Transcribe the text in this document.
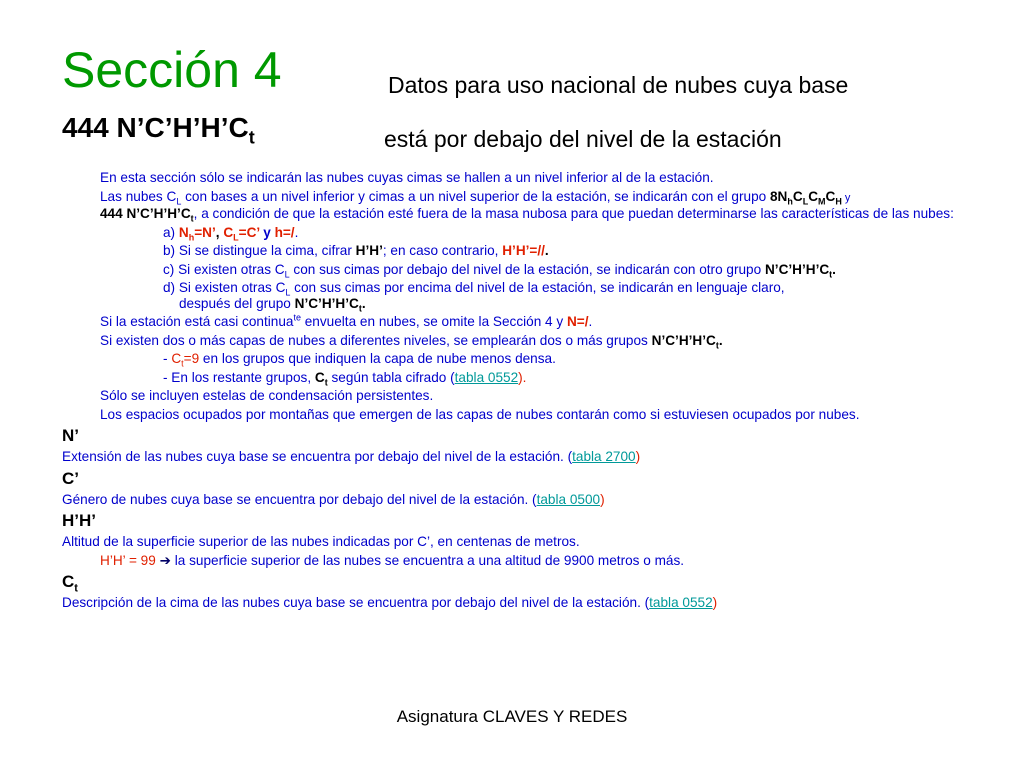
Sección 4	Datos para uso nacional de nubes cuya base
444 $N’C’H’H’C_t$	está por debajo del nivel de la estación
En esta sección sólo se indicarán las nubes cuyas cimas se hallen a un nivel inferior al de la estación.
Las nubes $C_L$ con bases a un nivel inferior y cimas a un nivel superior de la estación, se indicarán con el grupo $8N_hC_LC_MC_H$ y
444 $N’C’H’H’C_t$, a condición de que la estación esté fuera de la masa nubosa para que puedan determinarse las características de las nubes:
a) $N_h=N$’, $C_L=C$’ y h=/.
b) Si se distingue la cima, cifrar H’H’; en caso contrario, H’H’=//.
c) Si existen otras $C_L$ con sus cimas por debajo del nivel de la estación, se indicarán con otro grupo $N’C’H’H’C_t$.
d) Si existen otras $C_L$ con sus cimas por encima del nivel de la estación, se indicarán en lenguaje claro,
después del grupo $N’C’H’H’C_t$.
Si la estación está casi continua$^{te}$ envuelta en nubes, se omite la Sección 4 y N=/.
Si existen dos o más capas de nubes a diferentes niveles, se emplearán dos o más grupos $N’C’H’H’C_t$.
- $C_t=9$ en los grupos que indiquen la capa de nube menos densa.
- En los restante grupos, $C_t$ según tabla cifrado (tabla 0552).
Sólo se incluyen estelas de condensación persistentes.
Los espacios ocupados por montañas que emergen de las capas de nubes contarán como si estuviesen ocupados por nubes.
N’
Extensión de las nubes cuya base se encuentra por debajo del nivel de la estación. (tabla 2700)
C’
Género de nubes cuya base se encuentra por debajo del nivel de la estación. (tabla 0500)
H’H’
Altitud de la superficie superior de las nubes indicadas por C’, en centenas de metros.
H’H’ = 99 ➔ la superficie superior de las nubes se encuentra a una altitud de 9900 metros o más.
$C_t$
Descripción de la cima de las nubes cuya base se encuentra por debajo del nivel de la estación. (tabla 0552)
Asignatura CLAVES Y REDES
